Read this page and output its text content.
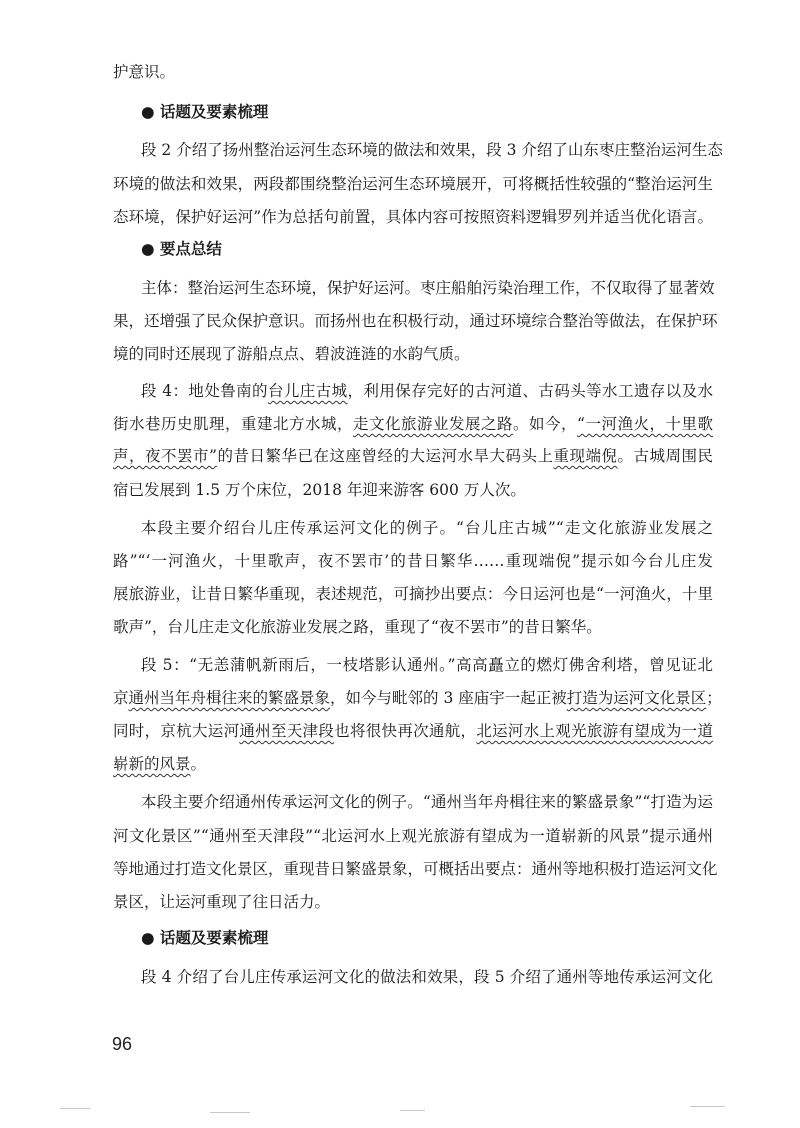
护意识。
● 话题及要素梳理
段 2 介绍了扬州整治运河生态环境的做法和效果，段 3 介绍了山东枣庄整治运河生态
环境的做法和效果，两段都围绕整治运河生态环境展开，可将概括性较强的“整治运河生
态环境，保护好运河”作为总括句前置，具体内容可按照资料逻辑罗列并适当优化语言。
● 要点总结
主体：整治运河生态环境，保护好运河。枣庄船舶污染治理工作，不仅取得了显著效
果，还增强了民众保护意识。而扬州也在积极行动，通过环境综合整治等做法，在保护环
境的同时还展现了游船点点、碧波涟涟的水韵气质。
段 4：地处鲁南的台儿庄古城，利用保存完好的古河道、古码头等水工遗存以及水
街水巷历史肌理，重建北方水城，走文化旅游业发展之路。如今，“一河渔火，十里歌
声，夜不罢市”的昔日繁华已在这座曾经的大运河水旱大码头上重现端倪。古城周围民
宿已发展到 1.5 万个床位，2018 年迎来游客 600 万人次。
本段主要介绍台儿庄传承运河文化的例子。“台儿庄古城”“走文化旅游业发展之
路”“‘一河渔火，十里歌声，夜不罢市’的昔日繁华……重现端倪”提示如今台儿庄发
展旅游业，让昔日繁华重现，表述规范，可摘抄出要点：今日运河也是“一河渔火，十里
歌声”，台儿庄走文化旅游业发展之路，重现了“夜不罢市”的昔日繁华。
段 5：“无恙蒲帆新雨后，一枝塔影认通州。”高高矗立的燃灯佛舍利塔，曾见证北
京通州当年舟楫往来的繁盛景象，如今与毗邻的 3 座庙宇一起正被打造为运河文化景区；
同时，京杭大运河通州至天津段也将很快再次通航，北运河水上观光旅游有望成为一道
崭新的风景。
本段主要介绍通州传承运河文化的例子。“通州当年舟楫往来的繁盛景象”“打造为运
河文化景区”“通州至天津段”“北运河水上观光旅游有望成为一道崭新的风景”提示通州
等地通过打造文化景区，重现昔日繁盛景象，可概括出要点：通州等地积极打造运河文化
景区，让运河重现了往日活力。
● 话题及要素梳理
段 4 介绍了台儿庄传承运河文化的做法和效果，段 5 介绍了通州等地传承运河文化
96
